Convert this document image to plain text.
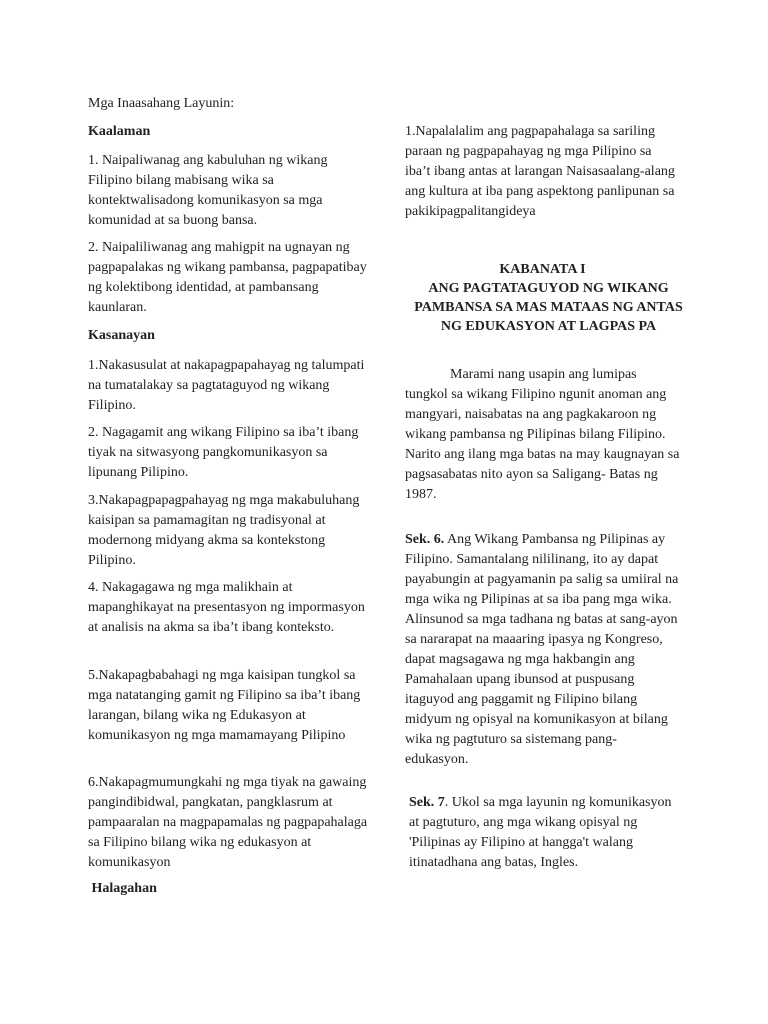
Mga Inaasahang Layunin:

Kaalaman

1. Naipaliwanag ang kabuluhan ng wikang Filipino bilang mabisang wika sa kontektwalisadong komunikasyon sa mga komunidad at sa buong bansa.

2. Naipaliliwanag ang mahigpit na ugnayan ng pagpapalakas ng wikang pambansa, pagpapatibay ng kolektibong identidad, at pambansang kaunlaran.

Kasanayan

1.Nakasusulat at nakapagpapahayag ng talumpati na tumatalakay sa pagtataguyod ng wikang Filipino.

2. Nagagamit ang wikang Filipino sa iba’t ibang tiyak na sitwasyong pangkomunikasyon sa lipunang Pilipino.

3.Nakapagpapagpahayag ng mga makabuluhang kaisipan sa pamamagitan ng tradisyonal at modernong midyang akma sa kontekstong Pilipino.

4. Nakagagawa ng mga malikhain at mapanghikayat na presentasyon ng impormasyon at analisis na akma sa iba’t ibang konteksto.

5.Nakapagbabahagi ng mga kaisipan tungkol sa mga natatanging gamit ng Filipino sa iba’t ibang larangan, bilang wika ng Edukasyon at komunikasyon ng mga mamamayang Pilipino

6.Nakapagmumungkahi ng mga tiyak na gawaing pangindibidwal, pangkatan, pangklasrum at pampaaralan na magpapamalas ng pagpapahalaga sa Filipino bilang wika ng edukasyon at komunikasyon

Halagahan

1.Napalalalim ang pagpapahalaga sa sariling paraan ng pagpapahayag ng mga Pilipino sa iba’t ibang antas at larangan Naisasaalang-alang ang kultura at iba pang aspektong panlipunan sa pakikipagpalitangideya

KABANATA I

ANG PAGTATAGUYOD NG WIKANG PAMBANSA SA MAS MATAAS NG ANTAS NG EDUKASYON AT LAGPAS PA

Marami nang usapin ang lumipas tungkol sa wikang Filipino ngunit anoman ang mangyari, naisabatas na ang pagkakaroon ng wikang pambansa ng Pilipinas bilang Filipino. Narito ang ilang mga batas na may kaugnayan sa pagsasabatas nito ayon sa Saligang- Batas ng 1987.

Sek. 6. Ang Wikang Pambansa ng Pilipinas ay Filipino. Samantalang nililinang, ito ay dapat payabungin at pagyamanin pa salig sa umiiral na mga wika ng Pilipinas at sa iba pang mga wika. Alinsunod sa mga tadhana ng batas at sang-ayon sa nararapat na maaaring ipasya ng Kongreso, dapat magsagawa ng mga hakbangin ang Pamahalaan upang ibunsod at puspusang itaguyod ang paggamit ng Filipino bilang midyum ng opisyal na komunikasyon at bilang wika ng pagtuturo sa sistemang pang-edukasyon.

Sek. 7. Ukol sa mga layunin ng komunikasyon at pagtuturo, ang mga wikang opisyal ng 'Pilipinas ay Filipino at hangga't walang itinatadhana ang batas, Ingles.
